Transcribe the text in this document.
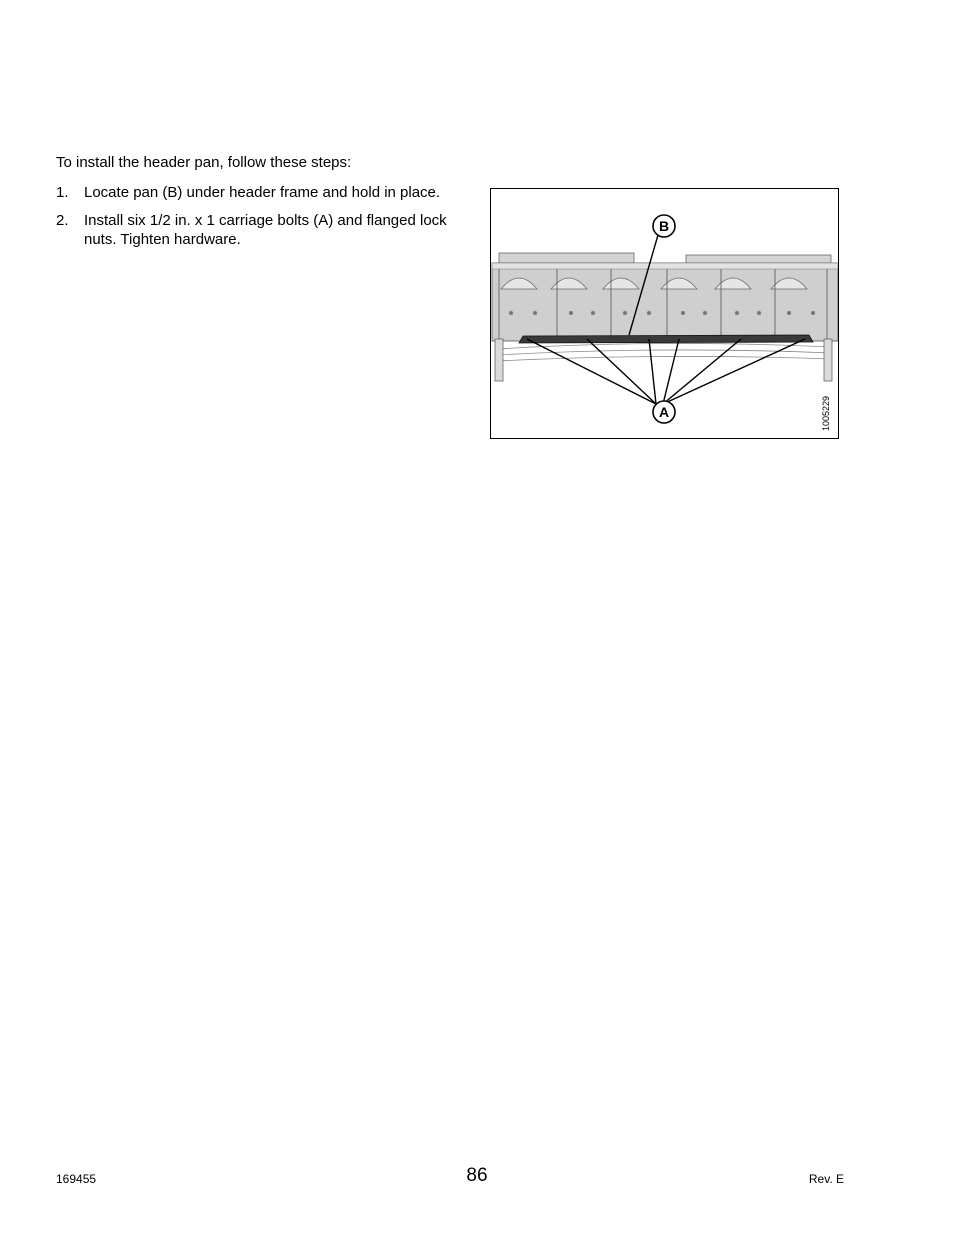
To install the header pan, follow these steps:

1. Locate pan (B) under header frame and hold in place.
2. Install six 1/2 in. x 1 carriage bolts (A) and flanged lock nuts. Tighten hardware.
B
A	1005229
169455	86	Rev. E
